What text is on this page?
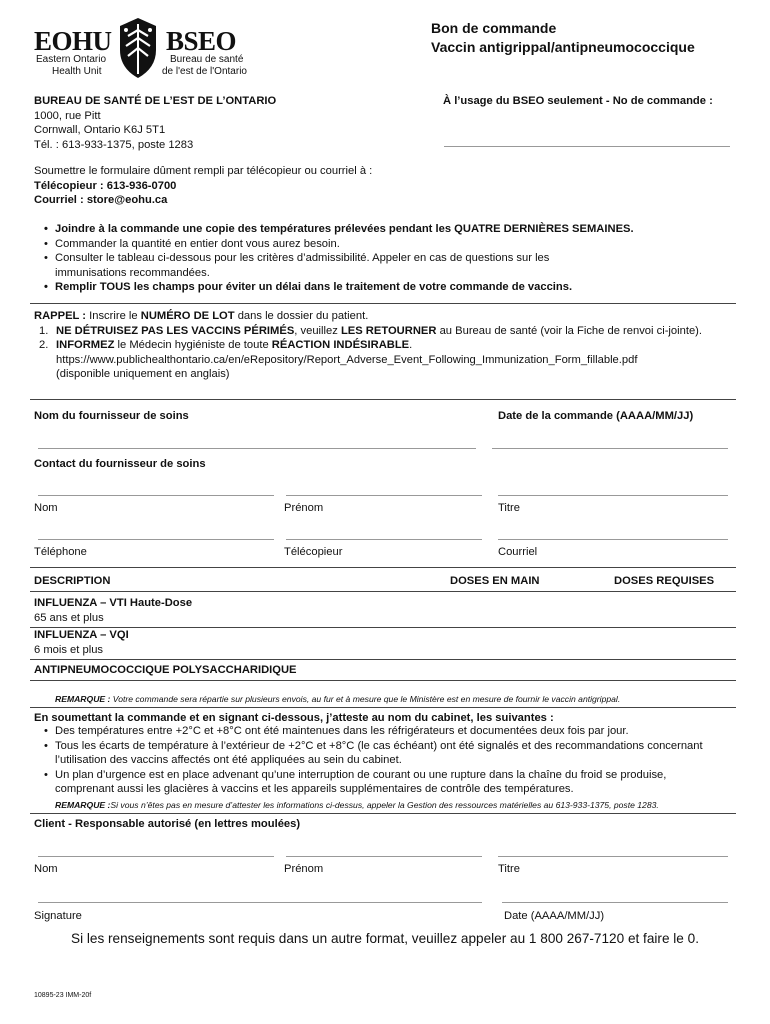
EOHU
Eastern Ontario
Health Unit
BSEO
Bureau de santé
de l'est de l'Ontario
Bon de commande
Vaccin antigrippal/antipneumococcique
BUREAU DE SANTÉ DE L’EST DE L’ONTARIO
1000, rue Pitt
Cornwall, Ontario K6J 5T1
Tél. : 613-933-1375, poste 1283
À l’usage du BSEO seulement - No de commande :
Soumettre le formulaire dûment rempli par télécopieur ou courriel à :
Télécopieur : 613-936-0700
Courriel : store@eohu.ca
• Joindre à la commande une copie des températures prélevées pendant les QUATRE DERNIÈRES SEMAINES.
• Commander la quantité en entier dont vous aurez besoin.
• Consulter le tableau ci-dessous pour les critères d’admissibilité. Appeler en cas de questions sur les immunisations recommandées.
• Remplir TOUS les champs pour éviter un délai dans le traitement de votre commande de vaccins.
RAPPEL : Inscrire le NUMÉRO DE LOT dans le dossier du patient.
1. NE DÉTRUISEZ PAS LES VACCINS PÉRIMÉS, veuillez LES RETOURNER au Bureau de santé (voir la Fiche de renvoi ci-jointe).
2. INFORMEZ le Médecin hygiéniste de toute RÉACTION INDÉSIRABLE.
https://www.publichealthontario.ca/en/eRepository/Report_Adverse_Event_Following_Immunization_Form_fillable.pdf
(disponible uniquement en anglais)
Nom du fournisseur de soins	Date de la commande (AAAA/MM/JJ)
Contact du fournisseur de soins
Nom	Prénom	Titre
Téléphone	Télécopieur	Courriel
DESCRIPTION	DOSES EN MAIN	DOSES REQUISES
INFLUENZA – VTI Haute-Dose
65 ans et plus
INFLUENZA – VQI
6 mois et plus
ANTIPNEUMOCOCCIQUE POLYSACCHARIDIQUE
REMARQUE : Votre commande sera répartie sur plusieurs envois, au fur et à mesure que le Ministère est en mesure de fournir le vaccin antigrippal.
En soumettant la commande et en signant ci-dessous, j’atteste au nom du cabinet, les suivantes :
• Des températures entre +2°C et +8°C ont été maintenues dans les réfrigérateurs et documentées deux fois par jour.
• Tous les écarts de température à l’extérieur de +2°C et +8°C (le cas échéant) ont été signalés et des recommandations concernant l’utilisation des vaccins affectés ont été appliquées au sein du cabinet.
• Un plan d’urgence est en place advenant qu’une interruption de courant ou une rupture dans la chaîne du froid se produise, comprenant aussi les glacières à vaccins et les appareils supplémentaires de contrôle des températures.
REMARQUE :Si vous n’êtes pas en mesure d’attester les informations ci-dessus, appeler la Gestion des ressources matérielles au 613-933-1375, poste 1283.
Client - Responsable autorisé (en lettres moulées)
Nom	Prénom	Titre
Signature	Date (AAAA/MM/JJ)
Si les renseignements sont requis dans un autre format, veuillez appeler au 1 800 267-7120 et faire le 0.
10895-23 IMM-20f
